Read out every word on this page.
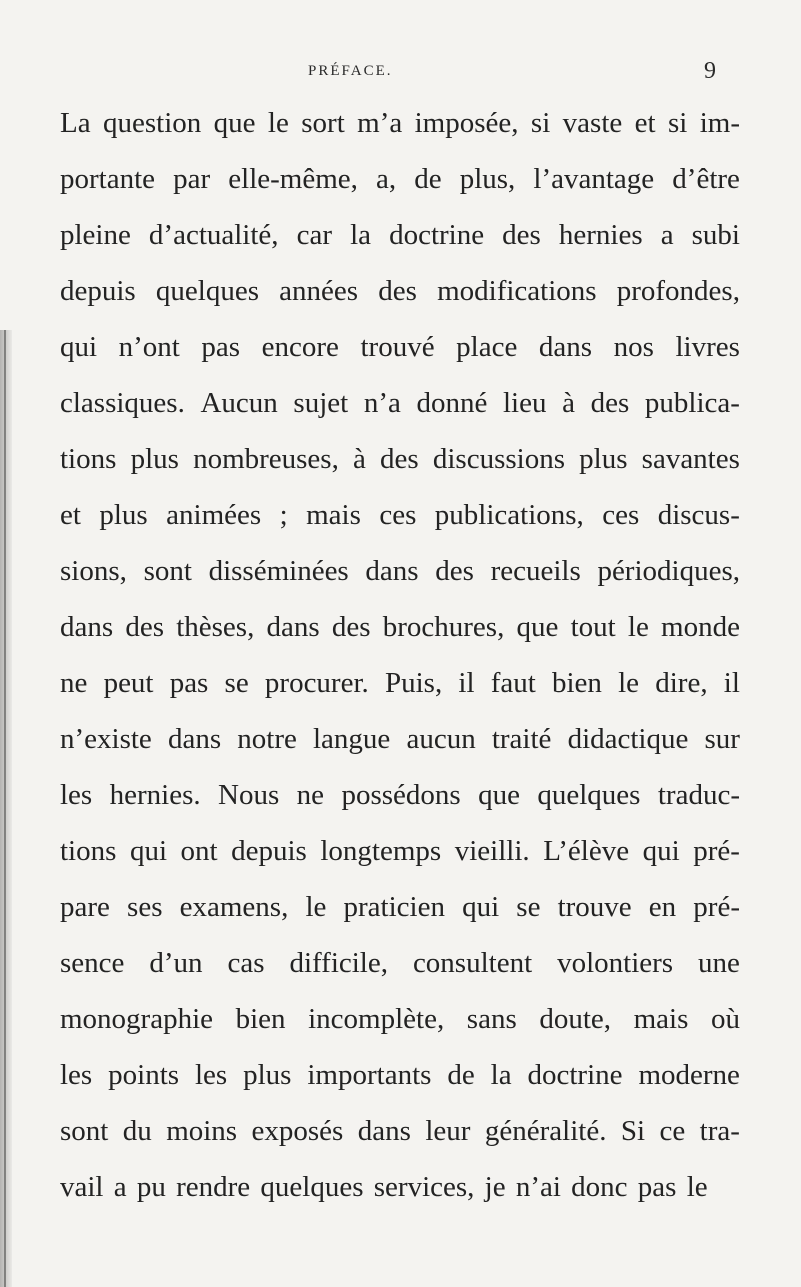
PRÉFACE.	9
La question que le sort m’a imposée, si vaste et si im-
portante par elle-même, a, de plus, l’avantage d’être
pleine d’actualité, car la doctrine des hernies a subi
depuis quelques années des modifications profondes,
qui n’ont pas encore trouvé place dans nos livres
classiques. Aucun sujet n’a donné lieu à des publica-
tions plus nombreuses, à des discussions plus savantes
et plus animées ; mais ces publications, ces discus-
sions, sont disséminées dans des recueils périodiques,
dans des thèses, dans des brochures, que tout le monde
ne peut pas se procurer. Puis, il faut bien le dire, il
n’existe dans notre langue aucun traité didactique sur
les hernies. Nous ne possédons que quelques traduc-
tions qui ont depuis longtemps vieilli. L’élève qui pré-
pare ses examens, le praticien qui se trouve en pré-
sence d’un cas difficile, consultent volontiers une
monographie bien incomplète, sans doute, mais où
les points les plus importants de la doctrine moderne
sont du moins exposés dans leur généralité. Si ce tra-
vail a pu rendre quelques services, je n’ai donc pas le
